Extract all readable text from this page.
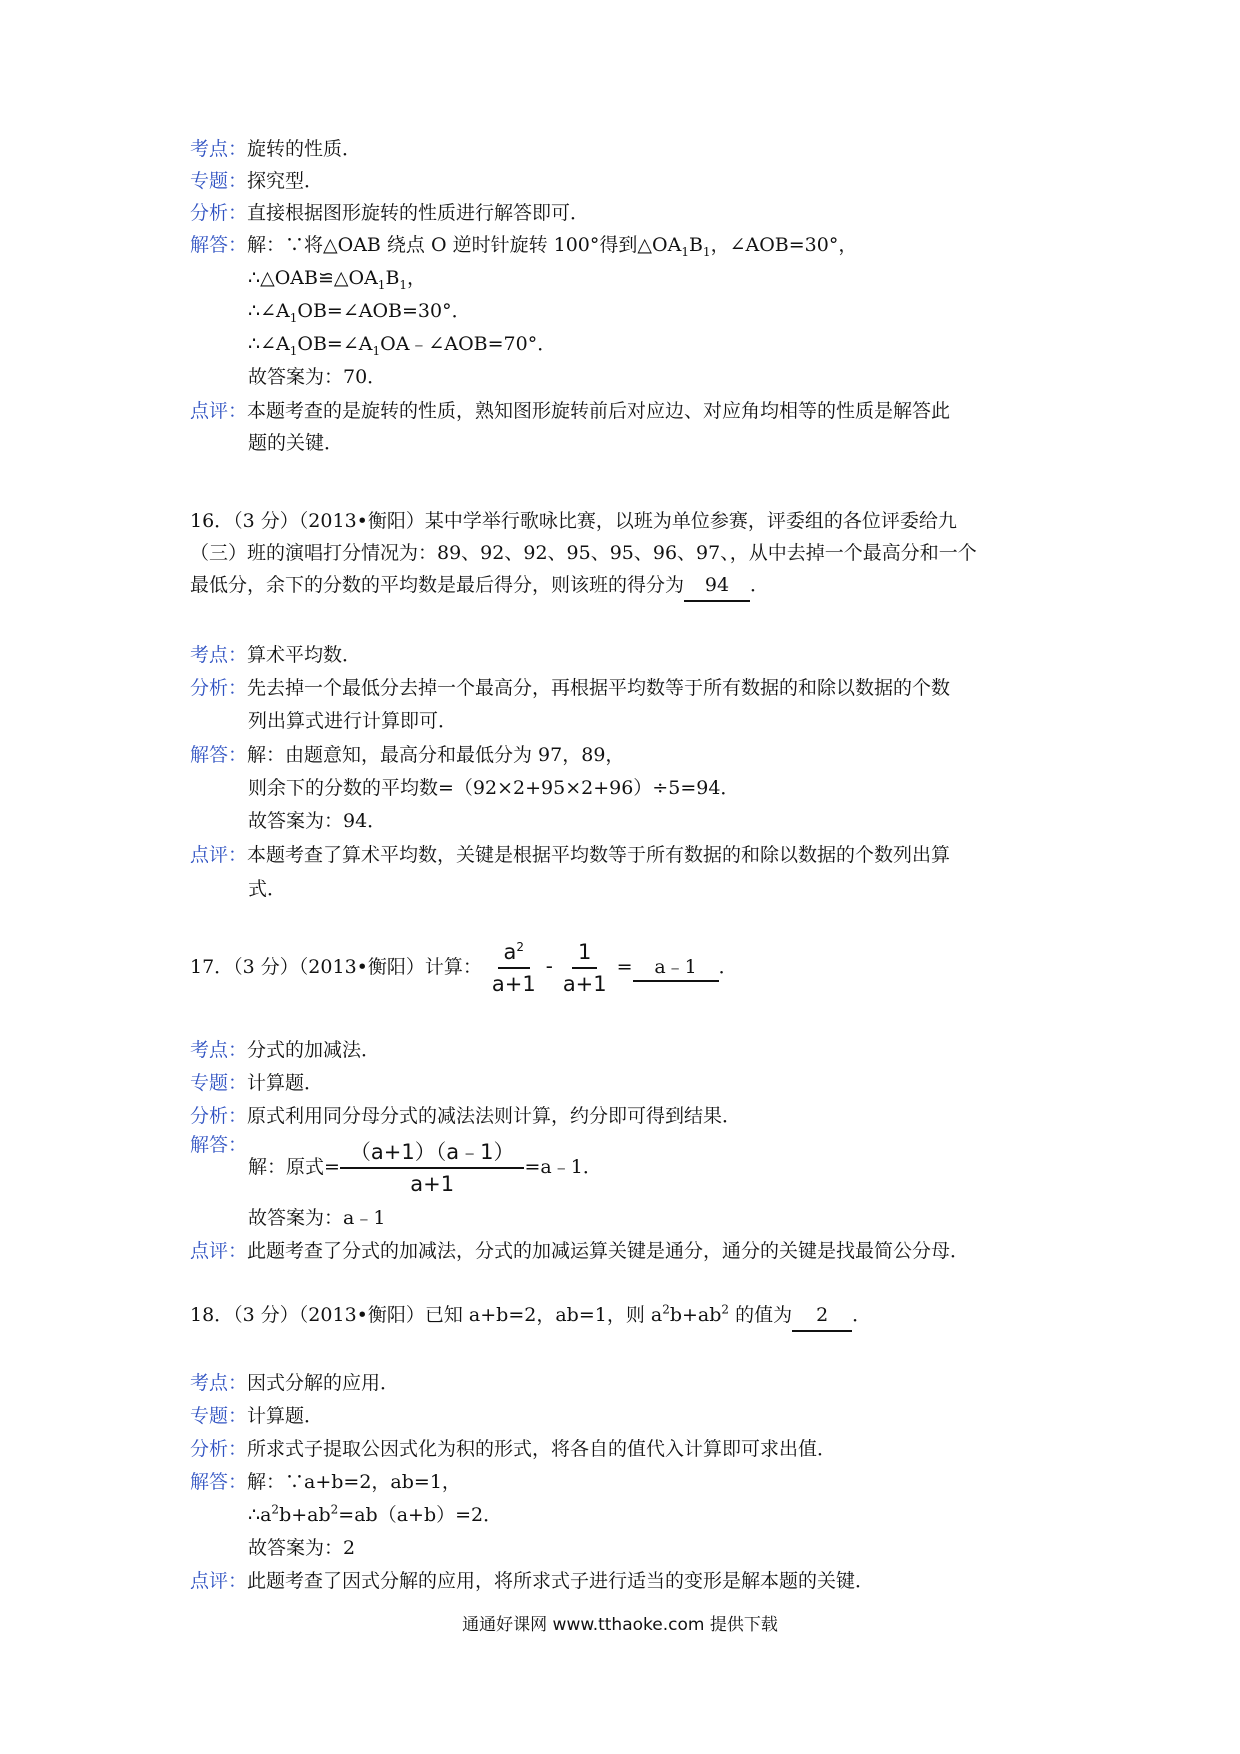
考点：旋转的性质．
专题：探究型．
分析：直接根据图形旋转的性质进行解答即可．
解答：解：∵将△OAB 绕点 O 逆时针旋转 100°得到$\triangle OA_1B_1$，∠AOB=30°，
$\therefore\triangle OAB≌\triangle OA_1B_1$，
$\therefore\angle A_1OB=\angle AOB=30^\circ$．
$\therefore\angle A_1OB=\angle A_1OA﹣\angle AOB=70^\circ$．
故答案为：70．
点评：本题考查的是旋转的性质，熟知图形旋转前后对应边、对应角均相等的性质是解答此
题的关键．
16．（3 分）（2013•衡阳）某中学举行歌咏比赛，以班为单位参赛，评委组的各位评委给九
（三）班的演唱打分情况为：89、92、92、95、95、96、97、，从中去掉一个最高分和一个
最低分，余下的分数的平均数是最后得分，则该班的得分为 94 ．
考点：算术平均数．
分析：先去掉一个最低分去掉一个最高分，再根据平均数等于所有数据的和除以数据的个数
列出算式进行计算即可．
解答：解：由题意知，最高分和最低分为 97，89，
则余下的分数的平均数=（92×2+95×2+96）÷5=94．
故答案为：94．
点评：本题考查了算术平均数，关键是根据平均数等于所有数据的和除以数据的个数列出算
式．
17．（3 分）（2013•衡阳）计算： $\frac{a^2}{a+1} - \frac{1}{a+1}$ = a﹣1 ．
考点：分式的加减法．
专题：计算题．
分析：原式利用同分母分式的减法法则计算，约分即可得到结果．
解答：
解：原式= $\frac{(a+1)(a﹣1)}{a+1}$ =a﹣1．
故答案为：a﹣1
点评：此题考查了分式的加减法，分式的加减运算关键是通分，通分的关键是找最简公分母．
18．（3 分）（2013•衡阳）已知 a+b=2，ab=1，则 $a^2b+ab^2$ 的值为 2 ．
考点：因式分解的应用．
专题：计算题．
分析：所求式子提取公因式化为积的形式，将各自的值代入计算即可求出值．
解答：解：∵a+b=2，ab=1，
$\therefore a^2b+ab^2=ab(a+b)=2$．
故答案为：2
点评：此题考查了因式分解的应用，将所求式子进行适当的变形是解本题的关键．
通通好课网 www.tthaoke.com 提供下载
